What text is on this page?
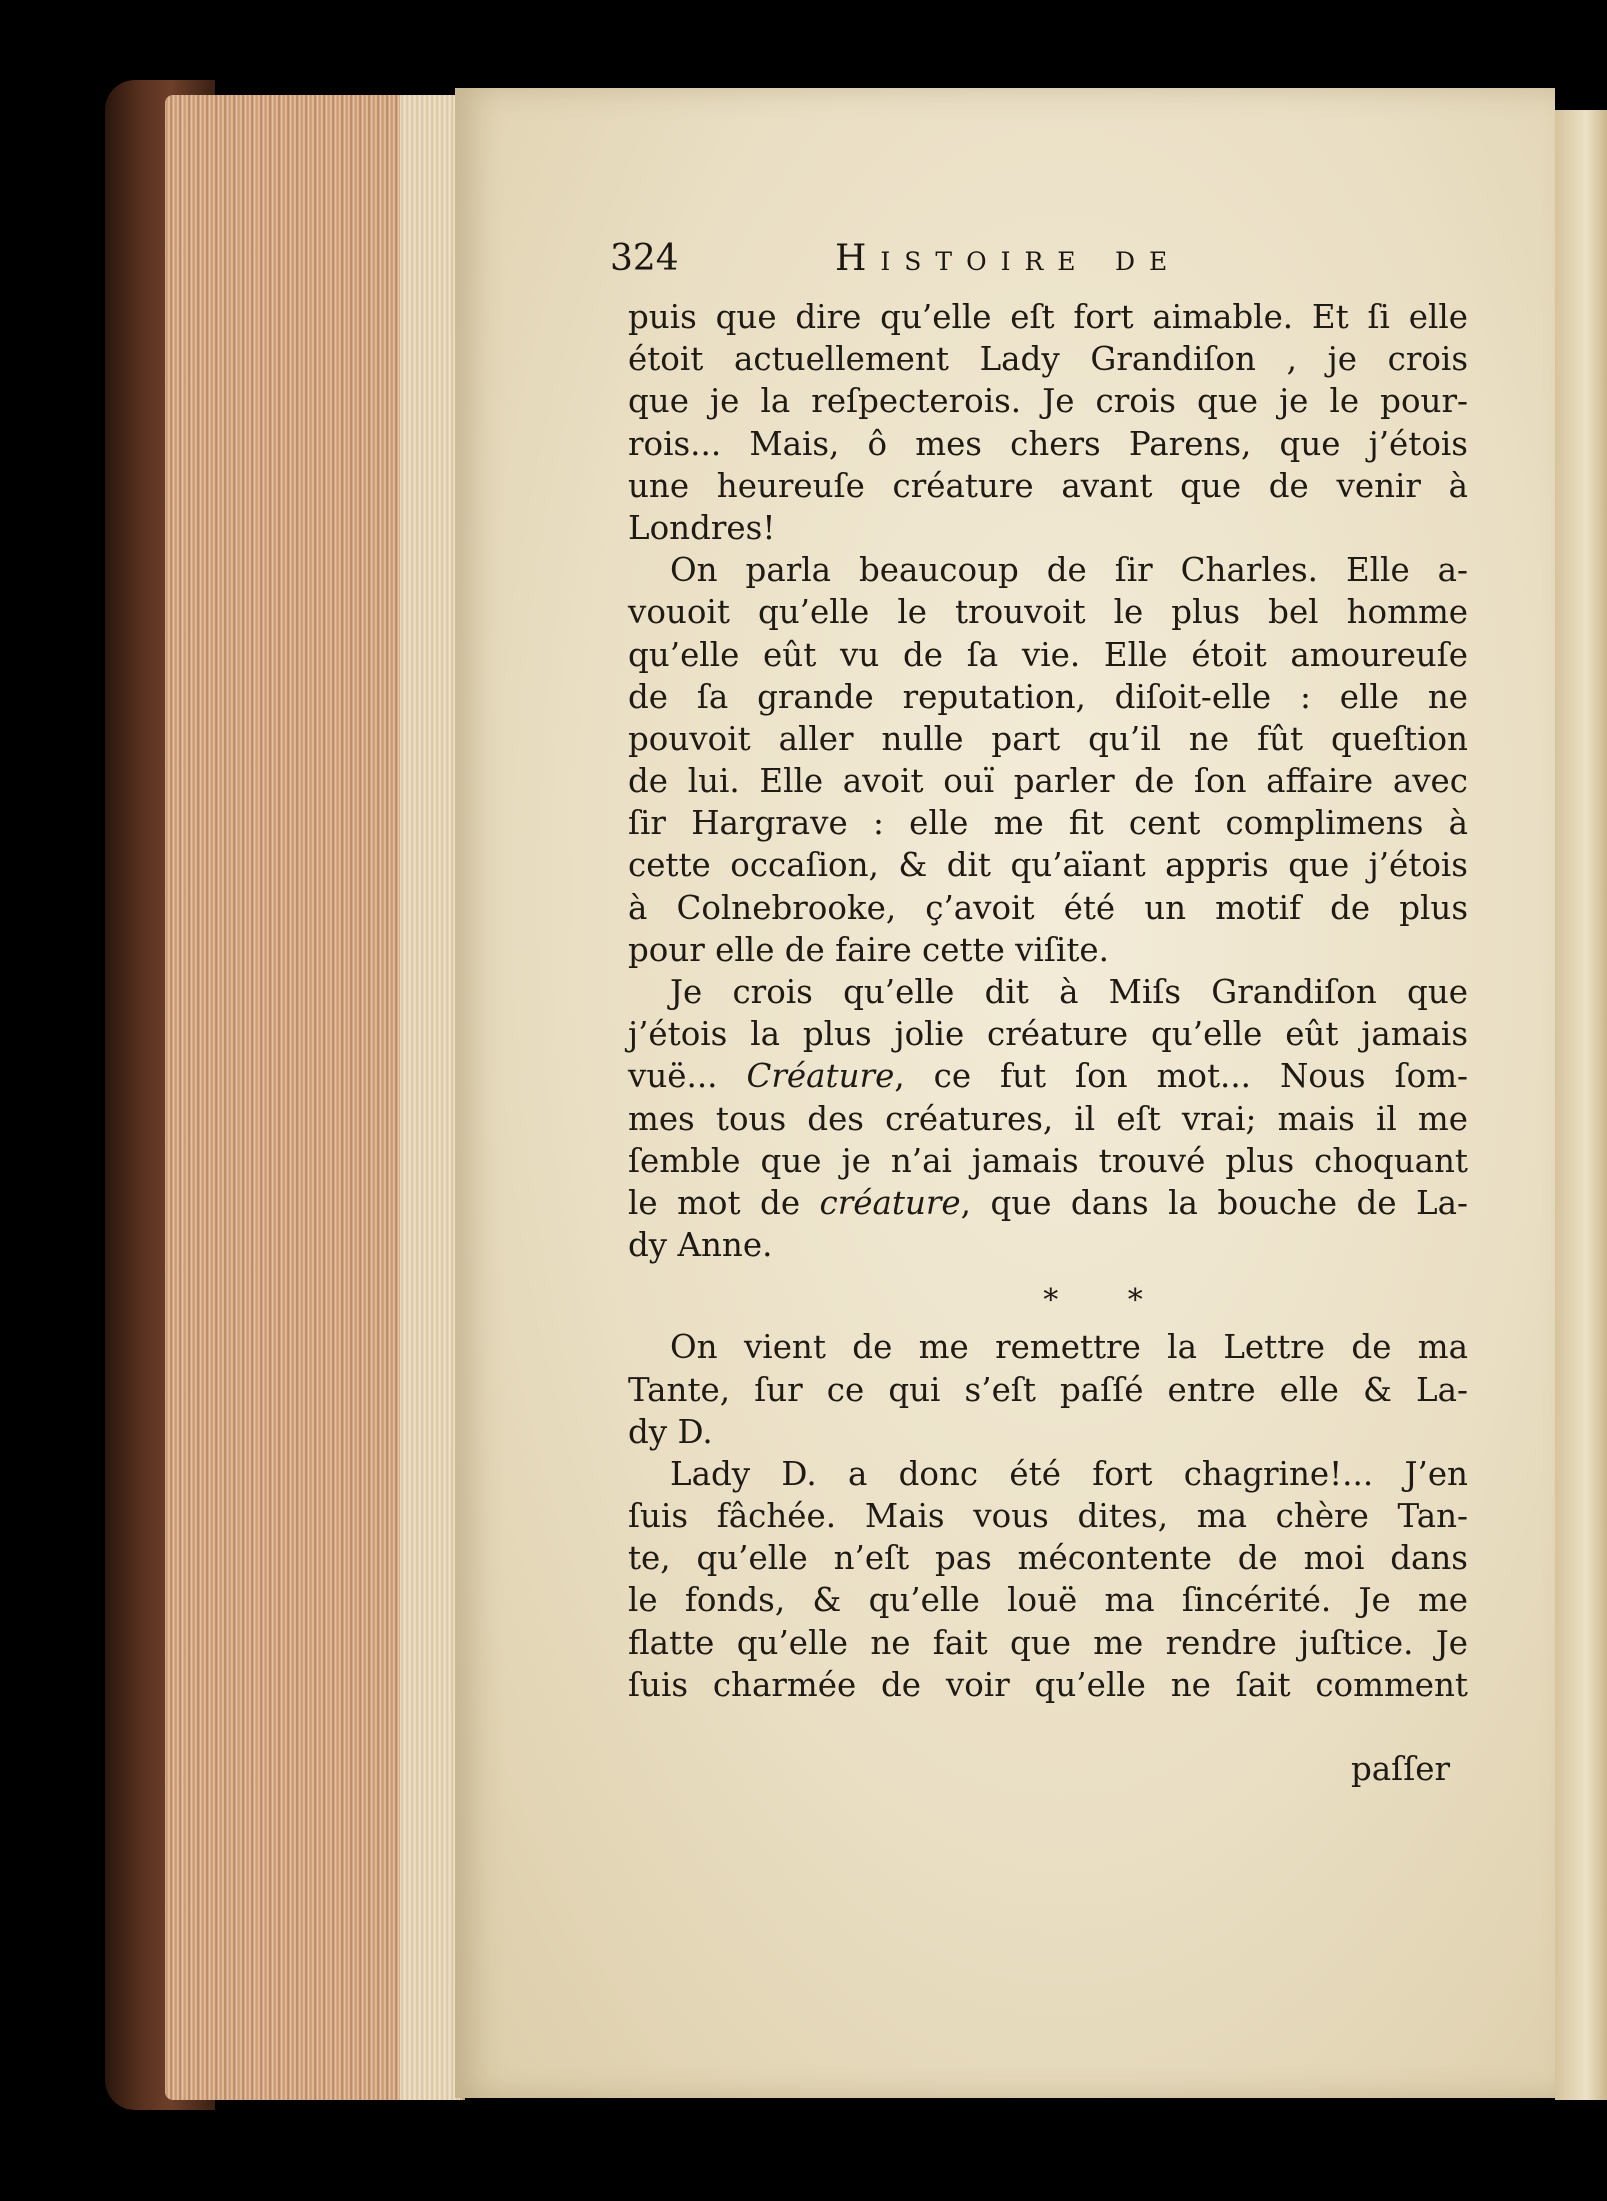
324	Histoire de
puis que dire qu’elle eſt fort aimable. Et ſi elle
étoit actuellement Lady Grandiſon , je crois
que je la reſpecterois. Je crois que je le pour-
rois... Mais, ô mes chers Parens, que j’étois
une heureuſe créature avant que de venir à
Londres!
On parla beaucoup de ſir Charles. Elle a-
vouoit qu’elle le trouvoit le plus bel homme
qu’elle eût vu de ſa vie. Elle étoit amoureuſe
de ſa grande reputation, diſoit-elle : elle ne
pouvoit aller nulle part qu’il ne fût queſtion
de lui. Elle avoit ouï parler de ſon affaire avec
ſir Hargrave : elle me fit cent complimens à
cette occaſion, & dit qu’aïant appris que j’étois
à Colnebrooke, ç’avoit été un motif de plus
pour elle de faire cette viſite.
Je crois qu’elle dit à Miſs Grandiſon que
j’étois la plus jolie créature qu’elle eût jamais
vuë... Créature, ce fut ſon mot... Nous ſom-
mes tous des créatures, il eſt vrai; mais il me
ſemble que je n’ai jamais trouvé plus choquant
le mot de créature, que dans la bouche de La-
dy Anne.
* *
On vient de me remettre la Lettre de ma
Tante, ſur ce qui s’eſt paſſé entre elle & La-
dy D.
Lady D. a donc été fort chagrine!... J’en
ſuis fâchée. Mais vous dites, ma chère Tan-
te, qu’elle n’eſt pas mécontente de moi dans
le fonds, & qu’elle louë ma ſincérité. Je me
flatte qu’elle ne fait que me rendre juſtice. Je
ſuis charmée de voir qu’elle ne ſait comment
paſſer
